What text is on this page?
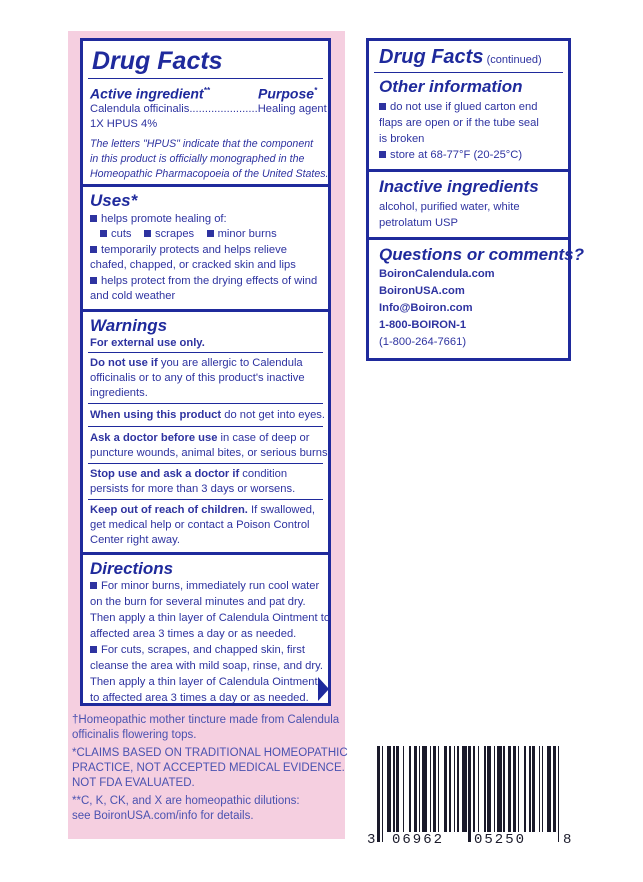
Drug Facts
Active ingredient**	Purpose*
Calendula officinalis......................Healing agent
1X HPUS 4%
The letters "HPUS" indicate that the component
in this product is officially monographed in the
Homeopathic Pharmacopoeia of the United States.
Uses*
helps promote healing of:
cuts scrapes minor burns
temporarily protects and helps relieve
chafed, chapped, or cracked skin and lips
helps protect from the drying effects of wind
and cold weather
Warnings
For external use only.
Do not use if you are allergic to Calendula
officinalis or to any of this product's inactive
ingredients.
When using this product do not get into eyes.
Ask a doctor before use in case of deep or
puncture wounds, animal bites, or serious burns.
Stop use and ask a doctor if condition
persists for more than 3 days or worsens.
Keep out of reach of children. If swallowed,
get medical help or contact a Poison Control
Center right away.
Directions
For minor burns, immediately run cool water
on the burn for several minutes and pat dry.
Then apply a thin layer of Calendula Ointment to
affected area 3 times a day or as needed.
For cuts, scrapes, and chapped skin, first
cleanse the area with mild soap, rinse, and dry.
Then apply a thin layer of Calendula Ointment
to affected area 3 times a day or as needed.
†Homeopathic mother tincture made from Calendula
officinalis flowering tops.
*CLAIMS BASED ON TRADITIONAL HOMEOPATHIC
PRACTICE, NOT ACCEPTED MEDICAL EVIDENCE.
NOT FDA EVALUATED.
**C, K, CK, and X are homeopathic dilutions:
see BoironUSA.com/info for details.
Drug Facts (continued)
Other information
do not use if glued carton end
flaps are open or if the tube seal
is broken
store at 68-77°F (20-25°C)
Inactive ingredients
alcohol, purified water, white
petrolatum USP
Questions or comments?
BoironCalendula.com
BoironUSA.com
Info@Boiron.com
1-800-BOIRON-1
(1-800-264-7661)
3 06962 05250	8
